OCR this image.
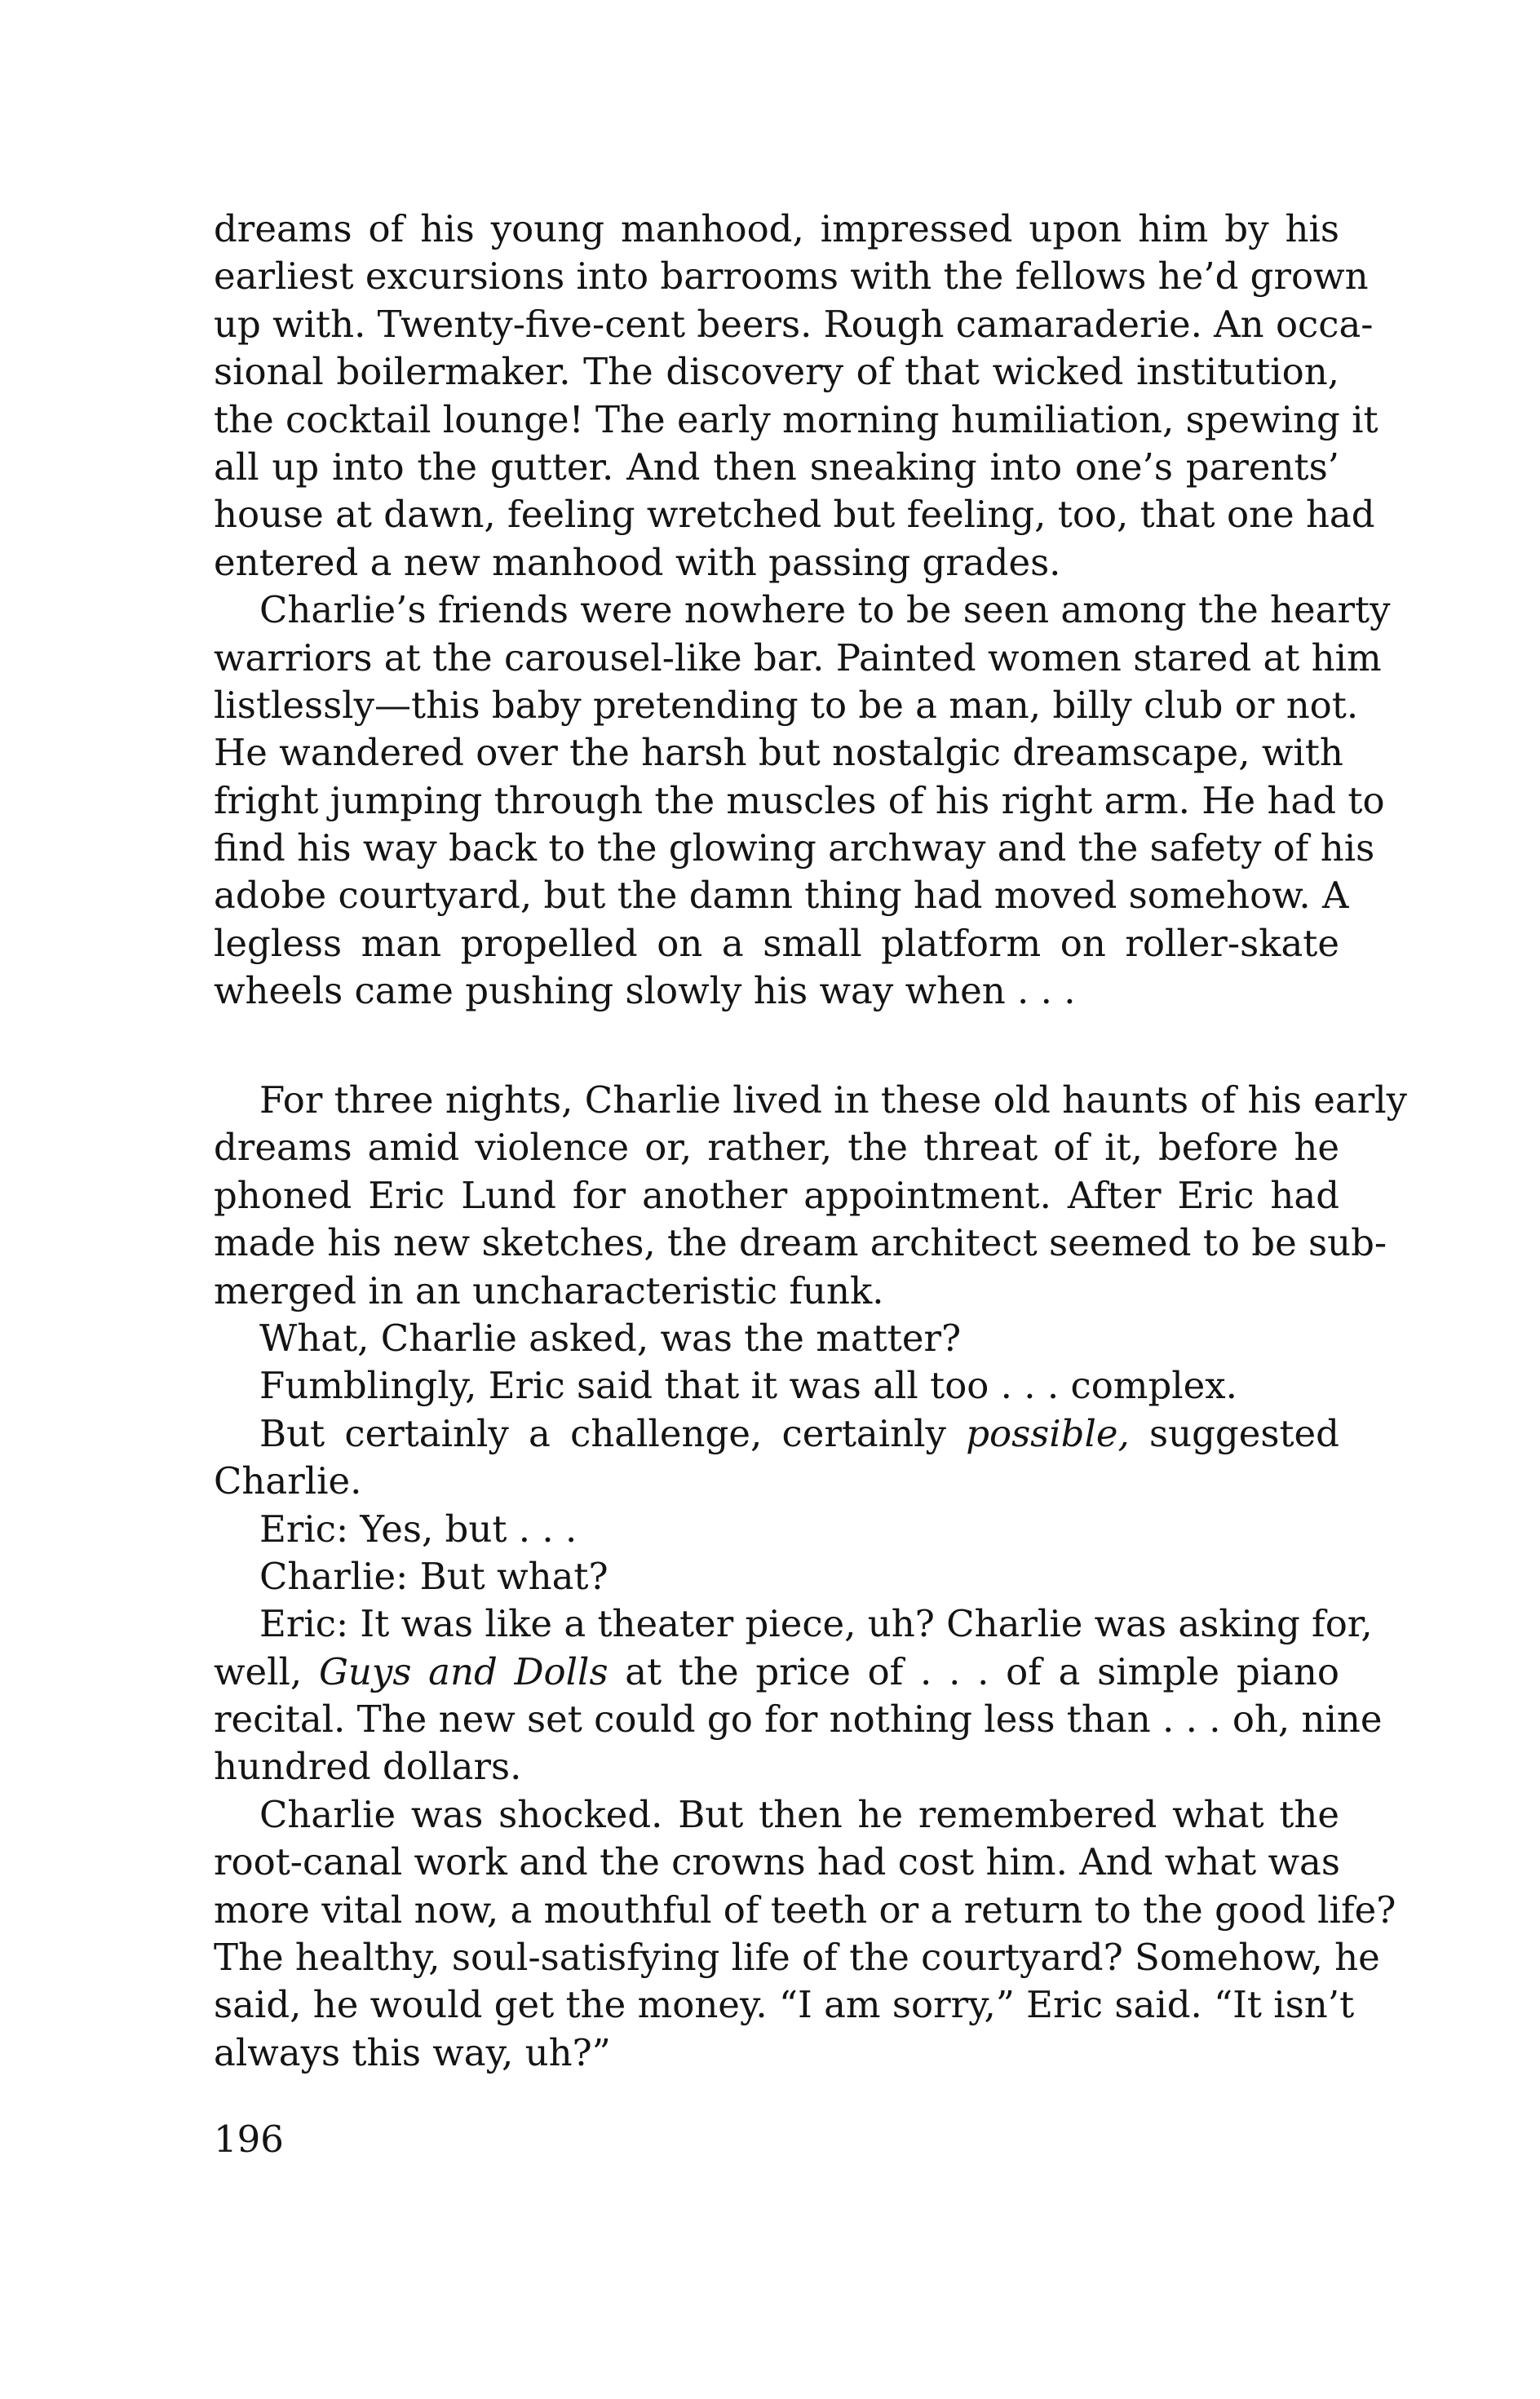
dreams of his young manhood, impressed upon him by his
earliest excursions into barrooms with the fellows he’d grown
up with. Twenty-five-cent beers. Rough camaraderie. An occa-
sional boilermaker. The discovery of that wicked institution,
the cocktail lounge! The early morning humiliation, spewing it
all up into the gutter. And then sneaking into one’s parents’
house at dawn, feeling wretched but feeling, too, that one had
entered a new manhood with passing grades.
Charlie’s friends were nowhere to be seen among the hearty
warriors at the carousel-like bar. Painted women stared at him
listlessly—this baby pretending to be a man, billy club or not.
He wandered over the harsh but nostalgic dreamscape, with
fright jumping through the muscles of his right arm. He had to
find his way back to the glowing archway and the safety of his
adobe courtyard, but the damn thing had moved somehow. A
legless man propelled on a small platform on roller-skate
wheels came pushing slowly his way when . . .
For three nights, Charlie lived in these old haunts of his early
dreams amid violence or, rather, the threat of it, before he
phoned Eric Lund for another appointment. After Eric had
made his new sketches, the dream architect seemed to be sub-
merged in an uncharacteristic funk.
What, Charlie asked, was the matter?
Fumblingly, Eric said that it was all too . . . complex.
But certainly a challenge, certainly possible, suggested
Charlie.
Eric: Yes, but . . .
Charlie: But what?
Eric: It was like a theater piece, uh? Charlie was asking for,
well, Guys and Dolls at the price of . . . of a simple piano
recital. The new set could go for nothing less than . . . oh, nine
hundred dollars.
Charlie was shocked. But then he remembered what the
root-canal work and the crowns had cost him. And what was
more vital now, a mouthful of teeth or a return to the good life?
The healthy, soul-satisfying life of the courtyard? Somehow, he
said, he would get the money. “I am sorry,” Eric said. “It isn’t
always this way, uh?”
196
